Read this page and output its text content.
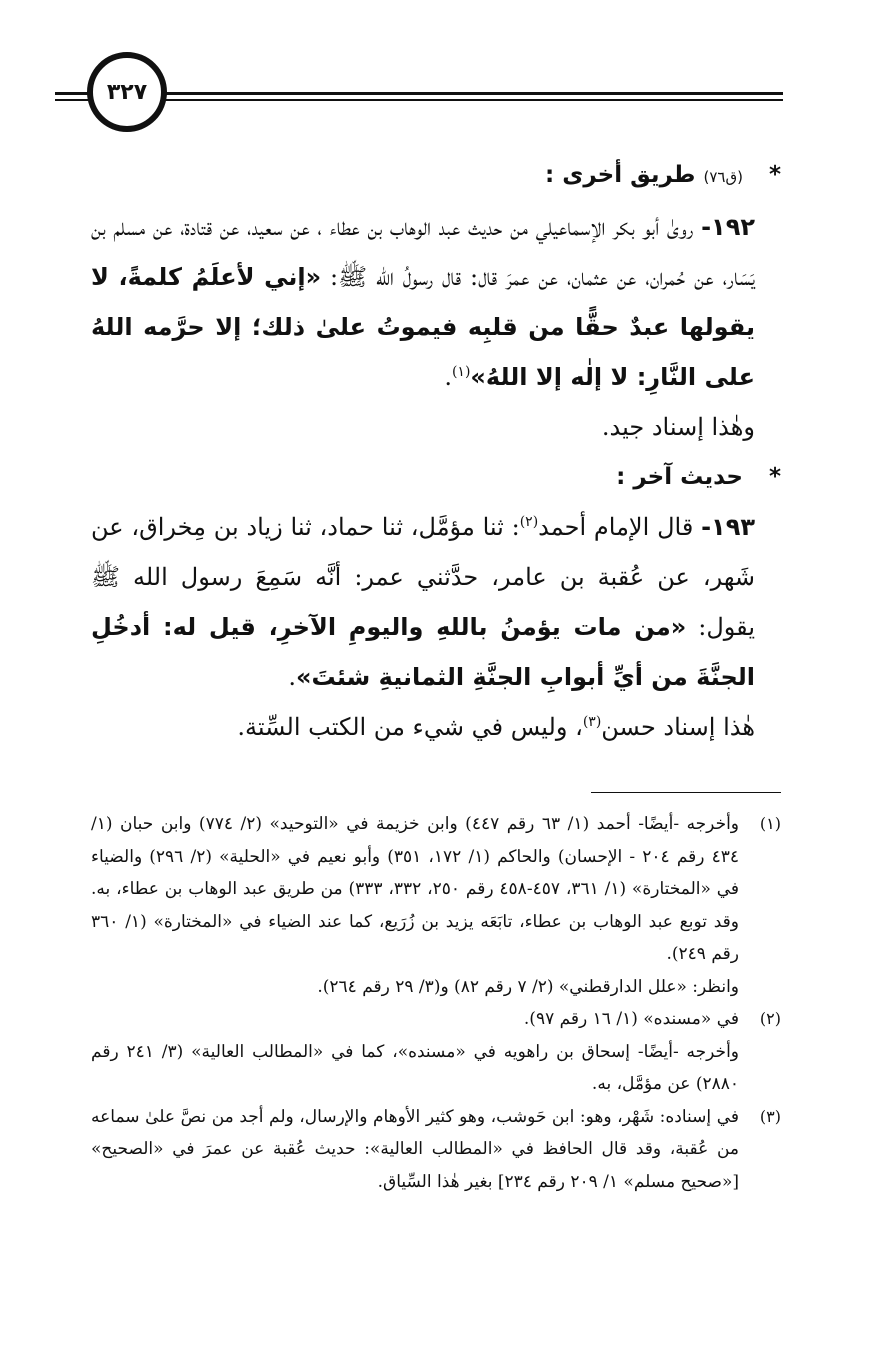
٣٢٧

* (ق٧٦) طريق أخرى :

١٩٢- روىٰ أبو بكر الإسماعيلي من حديث عبد الوهاب بن عطاء ، عن سعيد، عن قتادة، عن مسلم بن يَسَار، عن حُمران، عن عثمان، عن عمرَ قال: قال رسولُ الله ﷺ: «إني لأعلَمُ كلمةً، لا يقولها عبدٌ حقًّا من قلبِه فيموتُ علىٰ ذلك؛ إلا حرَّمه اللهُ على النَّارِ: لا إلٰه إلا اللهُ»$^{(١)}$.

وهٰذا إسناد جيد.

* حديث آخر :

١٩٣- قال الإمام أحمد$^{(٢)}$: ثنا مؤمَّل، ثنا حماد، ثنا زياد بن مِخراق، عن شَهر، عن عُقبة بن عامر، حدَّثني عمر: أنَّه سَمِعَ رسول الله ﷺ يقول: «من مات يؤمنُ باللهِ واليومِ الآخرِ، قيل له: أدخُلِ الجنَّةَ من أيِّ أبوابِ الجنَّةِ الثمانيةِ شئتَ».

هٰذا إسناد حسن$^{(٣)}$، وليس في شيء من الكتب السِّتة.

(١)

وأخرجه -أيضًا- أحمد (١/ ٦٣ رقم ٤٤٧) وابن خزيمة في «التوحيد» (٢/ ٧٧٤) وابن حبان (١/ ٤٣٤ رقم ٢٠٤ - الإحسان) والحاكم (١/ ١٧٢، ٣٥١) وأبو نعيم في «الحلية» (٢/ ٢٩٦) والضياء في «المختارة» (١/ ٣٦١، ٤٥٧-٤٥٨ رقم ٢٥٠، ٣٣٢، ٣٣٣) من طريق عبد الوهاب بن عطاء، به. وقد توبع عبد الوهاب بن عطاء، تابَعَه يزيد بن زُرَيع، كما عند الضياء في «المختارة» (١/ ٣٦٠ رقم ٢٤٩).

وانظر: «علل الدارقطني» (٢/ ٧ رقم ٨٢) و(٣/ ٢٩ رقم ٢٦٤).

(٢)

في «مسنده» (١/ ١٦ رقم ٩٧).

وأخرجه -أيضًا- إسحاق بن راهويه في «مسنده»، كما في «المطالب العالية» (٣/ ٢٤١ رقم ٢٨٨٠) عن مؤمَّل، به.

(٣)

في إسناده: شَهْر، وهو: ابن حَوشب، وهو كثير الأوهام والإرسال، ولم أجد من نصَّ علىٰ سماعه من عُقبة، وقد قال الحافظ في «المطالب العالية»: حديث عُقبة عن عمرَ في «الصحيح» [«صحيح مسلم» ١/ ٢٠٩ رقم ٢٣٤] بغير هٰذا السِّياق.
